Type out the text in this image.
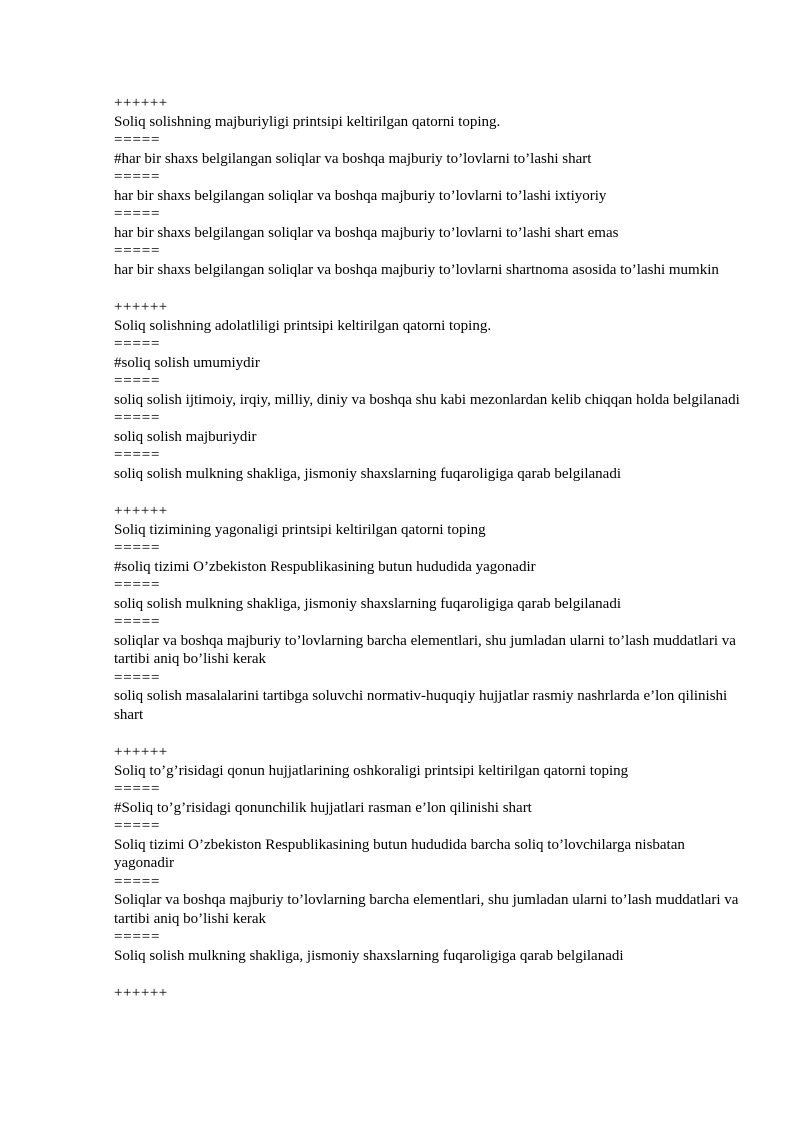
++++++
Soliq solishning majburiyligi printsipi keltirilgan qatorni toping.
=====
#har bir shaxs belgilangan soliqlar va boshqa majburiy to’lovlarni to’lashi shart
=====
har bir shaxs belgilangan soliqlar va boshqa majburiy to’lovlarni to’lashi ixtiyoriy
=====
har bir shaxs belgilangan soliqlar va boshqa majburiy to’lovlarni to’lashi shart emas
=====
har bir shaxs belgilangan soliqlar va boshqa majburiy to’lovlarni shartnoma asosida to’lashi mumkin
++++++
Soliq solishning adolatliligi printsipi keltirilgan qatorni toping.
=====
#soliq solish umumiydir
=====
soliq solish ijtimoiy, irqiy, milliy, diniy va boshqa shu kabi mezonlardan kelib chiqqan holda belgilanadi
=====
soliq solish majburiydir
=====
soliq solish mulkning shakliga, jismoniy shaxslarning fuqaroligiga qarab belgilanadi
++++++
Soliq tizimining yagonaligi printsipi keltirilgan qatorni toping
=====
#soliq tizimi O’zbekiston Respublikasining butun hududida yagonadir
=====
soliq solish mulkning shakliga, jismoniy shaxslarning fuqaroligiga qarab belgilanadi
=====
soliqlar va boshqa majburiy to’lovlarning barcha elementlari, shu jumladan ularni to’lash muddatlari va tartibi aniq bo’lishi kerak
=====
soliq solish masalalarini tartibga soluvchi normativ-huquqiy hujjatlar rasmiy nashrlarda e’lon qilinishi shart
++++++
Soliq to’g’risidagi qonun hujjatlarining oshkoraligi printsipi keltirilgan qatorni toping
=====
#Soliq to’g’risidagi qonunchilik hujjatlari rasman e’lon qilinishi shart
=====
Soliq tizimi O’zbekiston Respublikasining butun hududida barcha soliq to’lovchilarga nisbatan yagonadir
=====
Soliqlar va boshqa majburiy to’lovlarning barcha elementlari, shu jumladan ularni to’lash muddatlari va tartibi aniq bo’lishi kerak
=====
Soliq solish mulkning shakliga, jismoniy shaxslarning fuqaroligiga qarab belgilanadi
++++++
